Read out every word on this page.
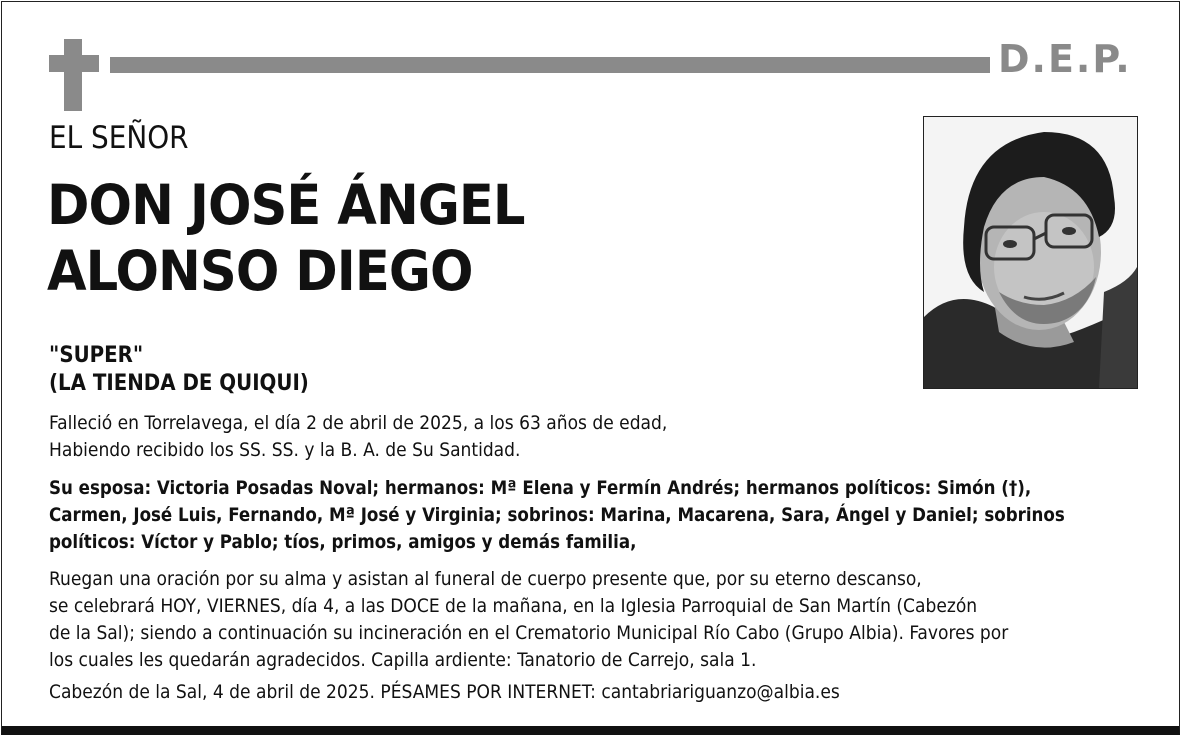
D.E.P.
EL SEÑOR
DON JOSÉ ÁNGEL
ALONSO DIEGO
"SUPER"
(LA TIENDA DE QUIQUI)
Falleció en Torrelavega, el día 2 de abril de 2025, a los 63 años de edad,
Habiendo recibido los SS. SS. y la B. A. de Su Santidad.
Su esposa: Victoria Posadas Noval; hermanos: Mª Elena y Fermín Andrés; hermanos políticos: Simón (†),
Carmen, José Luis, Fernando, Mª José y Virginia; sobrinos: Marina, Macarena, Sara, Ángel y Daniel; sobrinos
políticos: Víctor y Pablo; tíos, primos, amigos y demás familia,
Ruegan una oración por su alma y asistan al funeral de cuerpo presente que, por su eterno descanso,
se celebrará HOY, VIERNES, día 4, a las DOCE de la mañana, en la Iglesia Parroquial de San Martín (Cabezón
de la Sal); siendo a continuación su incineración en el Crematorio Municipal Río Cabo (Grupo Albia). Favores por
los cuales les quedarán agradecidos. Capilla ardiente: Tanatorio de Carrejo, sala 1.
Cabezón de la Sal, 4 de abril de 2025. PÉSAMES POR INTERNET: cantabriariguanzo@albia.es
